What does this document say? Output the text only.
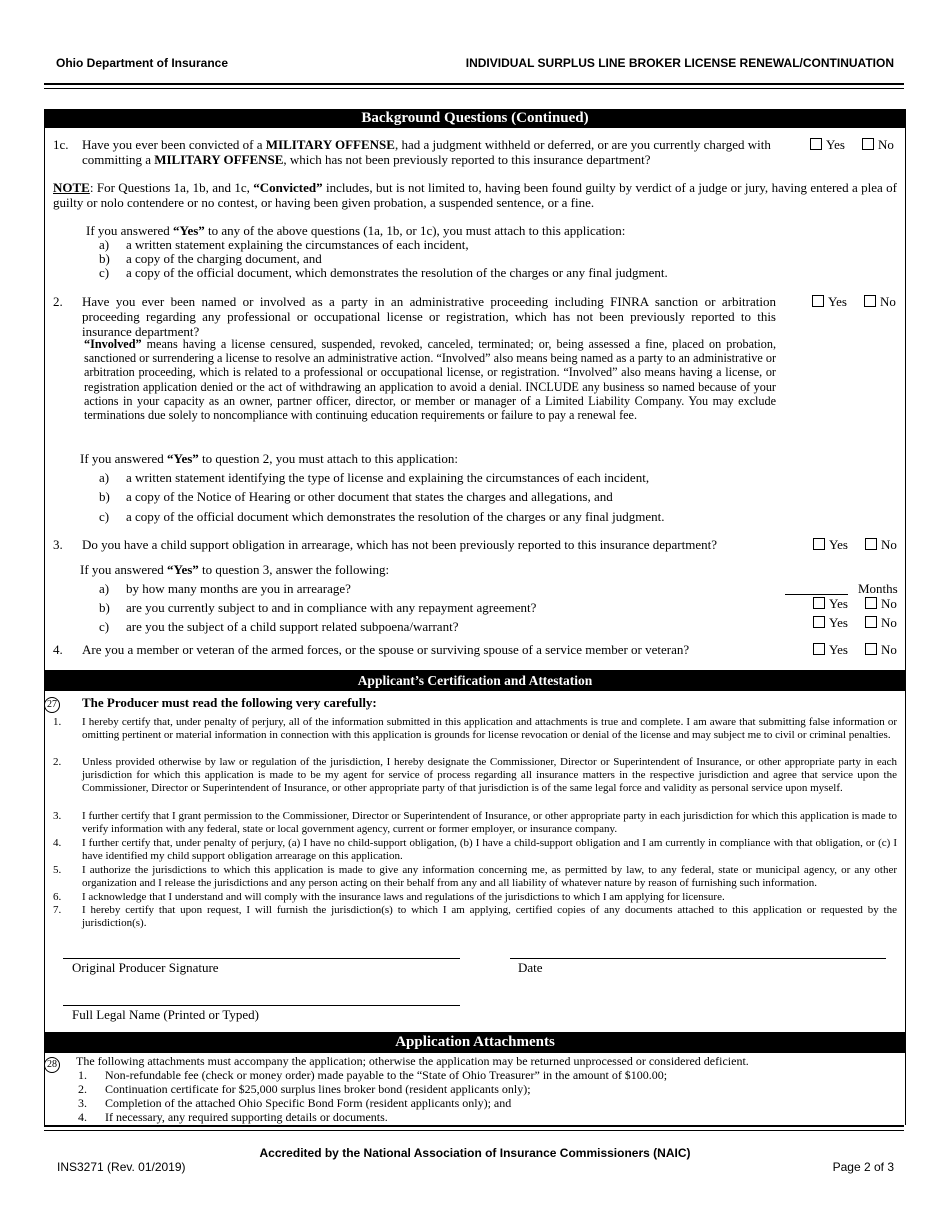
Ohio Department of Insurance	INDIVIDUAL SURPLUS LINE BROKER LICENSE RENEWAL/CONTINUATION
Background Questions (Continued)
1c. Have you ever been convicted of a MILITARY OFFENSE, had a judgment withheld or deferred, or are you currently charged with committing a MILITARY OFFENSE, which has not been previously reported to this insurance department?
Yes	No
NOTE: For Questions 1a, 1b, and 1c, “Convicted” includes, but is not limited to, having been found guilty by verdict of a judge or jury, having entered a plea of guilty or nolo contendere or no contest, or having been given probation, a suspended sentence, or a fine.
If you answered “Yes” to any of the above questions (1a, 1b, or 1c), you must attach to this application:
a) a written statement explaining the circumstances of each incident,
b) a copy of the charging document, and
c) a copy of the official document, which demonstrates the resolution of the charges or any final judgment.
2. Have you ever been named or involved as a party in an administrative proceeding including FINRA sanction or arbitration proceeding regarding any professional or occupational license or registration, which has not been previously reported to this insurance department?
Yes	No
“Involved” means having a license censured, suspended, revoked, canceled, terminated; or, being assessed a fine, placed on probation, sanctioned or surrendering a license to resolve an administrative action. “Involved” also means being named as a party to an administrative or arbitration proceeding, which is related to a professional or occupational license, or registration. “Involved” also means having a license, or registration application denied or the act of withdrawing an application to avoid a denial. INCLUDE any business so named because of your actions in your capacity as an owner, partner officer, director, or member or manager of a Limited Liability Company. You may exclude terminations due solely to noncompliance with continuing education requirements or failure to pay a renewal fee.
If you answered “Yes” to question 2, you must attach to this application:
a) a written statement identifying the type of license and explaining the circumstances of each incident,
b) a copy of the Notice of Hearing or other document that states the charges and allegations, and
c) a copy of the official document which demonstrates the resolution of the charges or any final judgment.
3. Do you have a child support obligation in arrearage, which has not been previously reported to this insurance department?	Yes	No
If you answered “Yes” to question 3, answer the following:
a) by how many months are you in arrearage?	Months
b) are you currently subject to and in compliance with any repayment agreement?	Yes	No
c) are you the subject of a child support related subpoena/warrant?	Yes	No
4. Are you a member or veteran of the armed forces, or the spouse or surviving spouse of a service member or veteran?	Yes	No
Applicant’s Certification and Attestation
27 The Producer must read the following very carefully:
1. I hereby certify that, under penalty of perjury, all of the information submitted in this application and attachments is true and complete. I am aware that submitting false information or omitting pertinent or material information in connection with this application is grounds for license revocation or denial of the license and may subject me to civil or criminal penalties.
2. Unless provided otherwise by law or regulation of the jurisdiction, I hereby designate the Commissioner, Director or Superintendent of Insurance, or other appropriate party in each jurisdiction for which this application is made to be my agent for service of process regarding all insurance matters in the respective jurisdiction and agree that service upon the Commissioner, Director or Superintendent of Insurance, or other appropriate party of that jurisdiction is of the same legal force and validity as personal service upon myself.
3. I further certify that I grant permission to the Commissioner, Director or Superintendent of Insurance, or other appropriate party in each jurisdiction for which this application is made to verify information with any federal, state or local government agency, current or former employer, or insurance company.
4. I further certify that, under penalty of perjury, (a) I have no child-support obligation, (b) I have a child-support obligation and I am currently in compliance with that obligation, or (c) I have identified my child support obligation arrearage on this application.
5. I authorize the jurisdictions to which this application is made to give any information concerning me, as permitted by law, to any federal, state or municipal agency, or any other organization and I release the jurisdictions and any person acting on their behalf from any and all liability of whatever nature by reason of furnishing such information.
6. I acknowledge that I understand and will comply with the insurance laws and regulations of the jurisdictions to which I am applying for licensure.
7. I hereby certify that upon request, I will furnish the jurisdiction(s) to which I am applying, certified copies of any documents attached to this application or requested by the jurisdiction(s).
Original Producer Signature	Date
Full Legal Name (Printed or Typed)
Application Attachments
28 The following attachments must accompany the application; otherwise the application may be returned unprocessed or considered deficient.
1. Non-refundable fee (check or money order) made payable to the “State of Ohio Treasurer” in the amount of $100.00;
2. Continuation certificate for $25,000 surplus lines broker bond (resident applicants only);
3. Completion of the attached Ohio Specific Bond Form (resident applicants only); and
4. If necessary, any required supporting details or documents.
Accredited by the National Association of Insurance Commissioners (NAIC)
INS3271 (Rev. 01/2019)	Page 2 of 3
